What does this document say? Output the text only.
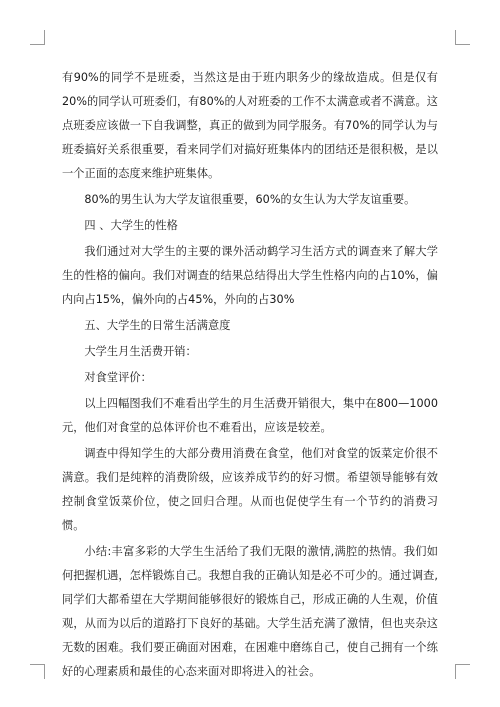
有90%的同学不是班委，当然这是由于班内职务少的缘故造成。但是仅有20%的同学认可班委们，有80%的人对班委的工作不太满意或者不满意。这点班委应该做一下自我调整，真正的做到为同学服务。有70%的同学认为与班委搞好关系很重要，看来同学们对搞好班集体内的团结还是很积极，是以一个正面的态度来维护班集体。

80%的男生认为大学友谊很重要，60%的女生认为大学友谊重要。

四 、大学生的性格

我们通过对大学生的主要的课外活动鹤学习生活方式的调查来了解大学生的性格的偏向。我们对调查的结果总结得出大学生性格内向的占10%，偏内向占15%，偏外向的占45%，外向的占30%

五、大学生的日常生活满意度

大学生月生活费开销：

对食堂评价：

以上四幅图我们不难看出学生的月生活费开销很大，集中在800—1000元，他们对食堂的总体评价也不难看出，应该是较差。

调查中得知学生的大部分费用消费在食堂，他们对食堂的饭菜定价很不满意。我们是纯粹的消费阶级，应该养成节约的好习惯。希望领导能够有效控制食堂饭菜价位，使之回归合理。从而也促使学生有一个节约的消费习惯。

小结:丰富多彩的大学生生活给了我们无限的激情,满腔的热情。我们如何把握机遇，怎样锻炼自己。我想自我的正确认知是必不可少的。通过调查,同学们大都希望在大学期间能够很好的锻炼自己，形成正确的人生观，价值观，从而为以后的道路打下良好的基础。大学生活充满了激情，但也夹杂这无数的困难。我们要正确面对困难，在困难中磨练自己，使自己拥有一个练好的心理素质和最佳的心态来面对即将进入的社会。
